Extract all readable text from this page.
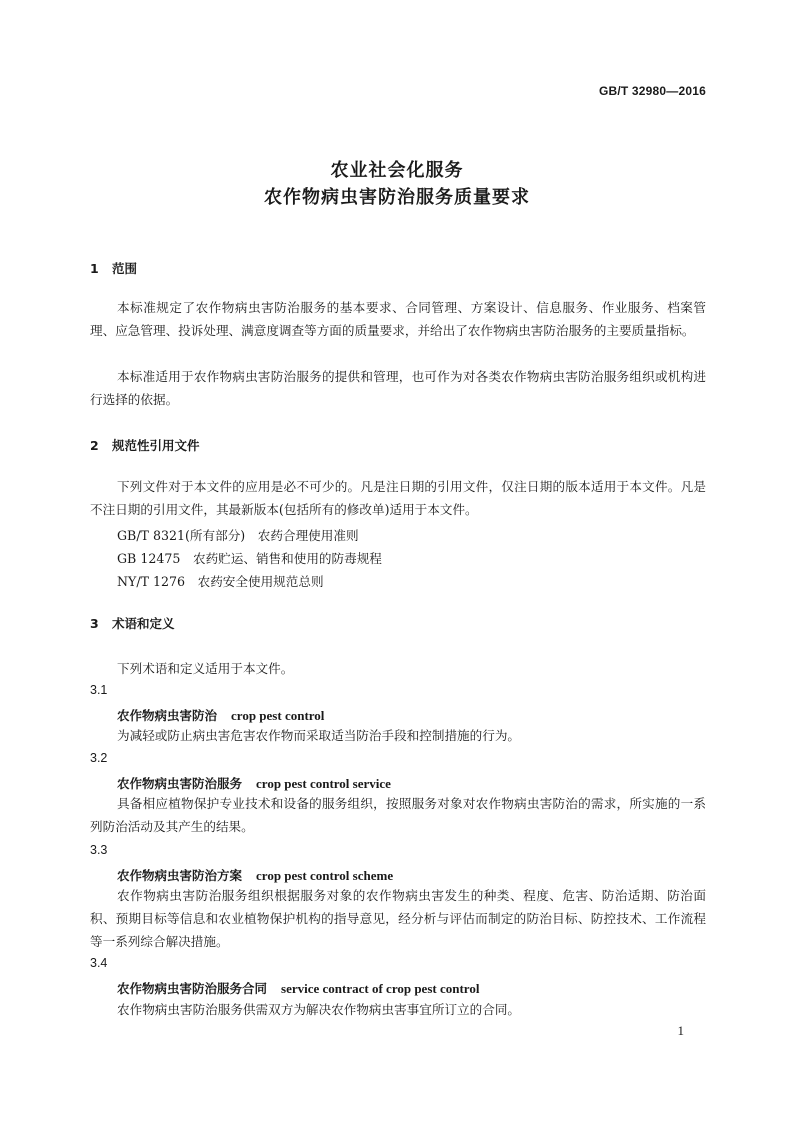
GB/T 32980—2016
农业社会化服务
农作物病虫害防治服务质量要求
1 范围
本标准规定了农作物病虫害防治服务的基本要求、合同管理、方案设计、信息服务、作业服务、档案管理、应急管理、投诉处理、满意度调查等方面的质量要求，并给出了农作物病虫害防治服务的主要质量指标。
本标准适用于农作物病虫害防治服务的提供和管理，也可作为对各类农作物病虫害防治服务组织或机构进行选择的依据。
2 规范性引用文件
下列文件对于本文件的应用是必不可少的。凡是注日期的引用文件，仅注日期的版本适用于本文件。凡是不注日期的引用文件，其最新版本(包括所有的修改单)适用于本文件。
GB/T 8321(所有部分)　农药合理使用准则
GB 12475　农药贮运、销售和使用的防毒规程
NY/T 1276　农药安全使用规范总则
3 术语和定义
下列术语和定义适用于本文件。
3.1
农作物病虫害防治 crop pest control
为减轻或防止病虫害危害农作物而采取适当防治手段和控制措施的行为。
3.2
农作物病虫害防治服务 crop pest control service
具备相应植物保护专业技术和设备的服务组织，按照服务对象对农作物病虫害防治的需求，所实施的一系列防治活动及其产生的结果。
3.3
农作物病虫害防治方案 crop pest control scheme
农作物病虫害防治服务组织根据服务对象的农作物病虫害发生的种类、程度、危害、防治适期、防治面积、预期目标等信息和农业植物保护机构的指导意见，经分析与评估而制定的防治目标、防控技术、工作流程等一系列综合解决措施。
3.4
农作物病虫害防治服务合同 service contract of crop pest control
农作物病虫害防治服务供需双方为解决农作物病虫害事宜所订立的合同。
1
